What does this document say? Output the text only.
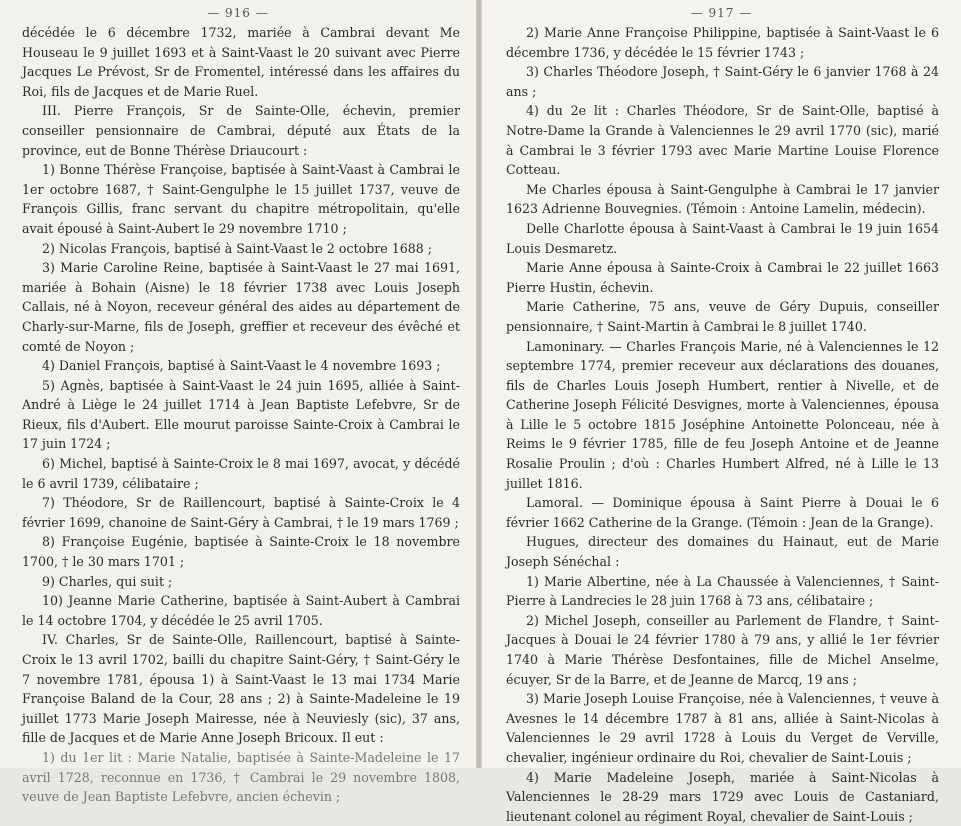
— 916 —

décédée le 6 décembre 1732, mariée à Cambrai devant Me Houseau le 9 juillet 1693 et à Saint-Vaast le 20 suivant avec Pierre Jacques Le Prévost, Sr de Fromentel, intéressé dans les affaires du Roi, fils de Jacques et de Marie Ruel.

III. Pierre François, Sr de Sainte-Olle, échevin, premier conseiller pensionnaire de Cambrai, député aux États de la province, eut de Bonne Thérèse Driaucourt :

1) Bonne Thérèse Françoise, baptisée à Saint-Vaast à Cambrai le 1er octobre 1687, † Saint-Gengulphe le 15 juillet 1737, veuve de François Gillis, franc servant du chapitre métropolitain, qu'elle avait épousé à Saint-Aubert le 29 novembre 1710 ;

2) Nicolas François, baptisé à Saint-Vaast le 2 octobre 1688 ;

3) Marie Caroline Reine, baptisée à Saint-Vaast le 27 mai 1691, mariée à Bohain (Aisne) le 18 février 1738 avec Louis Joseph Callais, né à Noyon, receveur général des aides au département de Charly-sur-Marne, fils de Joseph, greffier et receveur des évêché et comté de Noyon ;

4) Daniel François, baptisé à Saint-Vaast le 4 novembre 1693 ;

5) Agnès, baptisée à Saint-Vaast le 24 juin 1695, alliée à Saint-André à Liège le 24 juillet 1714 à Jean Baptiste Lefebvre, Sr de Rieux, fils d'Aubert. Elle mourut paroisse Sainte-Croix à Cambrai le 17 juin 1724 ;

6) Michel, baptisé à Sainte-Croix le 8 mai 1697, avocat, y décédé le 6 avril 1739, célibataire ;

7) Théodore, Sr de Raillencourt, baptisé à Sainte-Croix le 4 février 1699, chanoine de Saint-Géry à Cambrai, † le 19 mars 1769 ;

8) Françoise Eugénie, baptisée à Sainte-Croix le 18 novembre 1700, † le 30 mars 1701 ;

9) Charles, qui suit ;

10) Jeanne Marie Catherine, baptisée à Saint-Aubert à Cambrai le 14 octobre 1704, y décédée le 25 avril 1705.

IV. Charles, Sr de Sainte-Olle, Raillencourt, baptisé à Sainte-Croix le 13 avril 1702, bailli du chapitre Saint-Géry, † Saint-Géry le 7 novembre 1781, épousa 1) à Saint-Vaast le 13 mai 1734 Marie Françoise Baland de la Cour, 28 ans ; 2) à Sainte-Madeleine le 19 juillet 1773 Marie Joseph Mairesse, née à Neuviesly (sic), 37 ans, fille de Jacques et de Marie Anne Joseph Bricoux. Il eut :

1) du 1er lit : Marie Natalie, baptisée à Sainte-Madeleine le 17 avril 1728, reconnue en 1736, † Cambrai le 29 novembre 1808, veuve de Jean Baptiste Lefebvre, ancien échevin ;

— 917 —

2) Marie Anne Françoise Philippine, baptisée à Saint-Vaast le 6 décembre 1736, y décédée le 15 février 1743 ;

3) Charles Théodore Joseph, † Saint-Géry le 6 janvier 1768 à 24 ans ;

4) du 2e lit : Charles Théodore, Sr de Saint-Olle, baptisé à Notre-Dame la Grande à Valenciennes le 29 avril 1770 (sic), marié à Cambrai le 3 février 1793 avec Marie Martine Louise Florence Cotteau.

Me Charles épousa à Saint-Gengulphe à Cambrai le 17 janvier 1623 Adrienne Bouvegnies. (Témoin : Antoine Lamelin, médecin).

Delle Charlotte épousa à Saint-Vaast à Cambrai le 19 juin 1654 Louis Desmaretz.

Marie Anne épousa à Sainte-Croix à Cambrai le 22 juillet 1663 Pierre Hustin, échevin.

Marie Catherine, 75 ans, veuve de Géry Dupuis, conseiller pensionnaire, † Saint-Martin à Cambrai le 8 juillet 1740.

Lamoninary. — Charles François Marie, né à Valenciennes le 12 septembre 1774, premier receveur aux déclarations des douanes, fils de Charles Louis Joseph Humbert, rentier à Nivelle, et de Catherine Joseph Félicité Desvignes, morte à Valenciennes, épousa à Lille le 5 octobre 1815 Joséphine Antoinette Polonceau, née à Reims le 9 février 1785, fille de feu Joseph Antoine et de Jeanne Rosalie Proulin ; d'où : Charles Humbert Alfred, né à Lille le 13 juillet 1816.

Lamoral. — Dominique épousa à Saint Pierre à Douai le 6 février 1662 Catherine de la Grange. (Témoin : Jean de la Grange).

Hugues, directeur des domaines du Hainaut, eut de Marie Joseph Sénéchal :

1) Marie Albertine, née à La Chaussée à Valenciennes, † Saint-Pierre à Landrecies le 28 juin 1768 à 73 ans, célibataire ;

2) Michel Joseph, conseiller au Parlement de Flandre, † Saint-Jacques à Douai le 24 février 1780 à 79 ans, y allié le 1er février 1740 à Marie Thérèse Desfontaines, fille de Michel Anselme, écuyer, Sr de la Barre, et de Jeanne de Marcq, 19 ans ;

3) Marie Joseph Louise Françoise, née à Valenciennes, † veuve à Avesnes le 14 décembre 1787 à 81 ans, alliée à Saint-Nicolas à Valenciennes le 29 avril 1728 à Louis du Verget de Verville, chevalier, ingénieur ordinaire du Roi, chevalier de Saint-Louis ;

4) Marie Madeleine Joseph, mariée à Saint-Nicolas à Valenciennes le 28-29 mars 1729 avec Louis de Castaniard, lieutenant colonel au régiment Royal, chevalier de Saint-Louis ;
